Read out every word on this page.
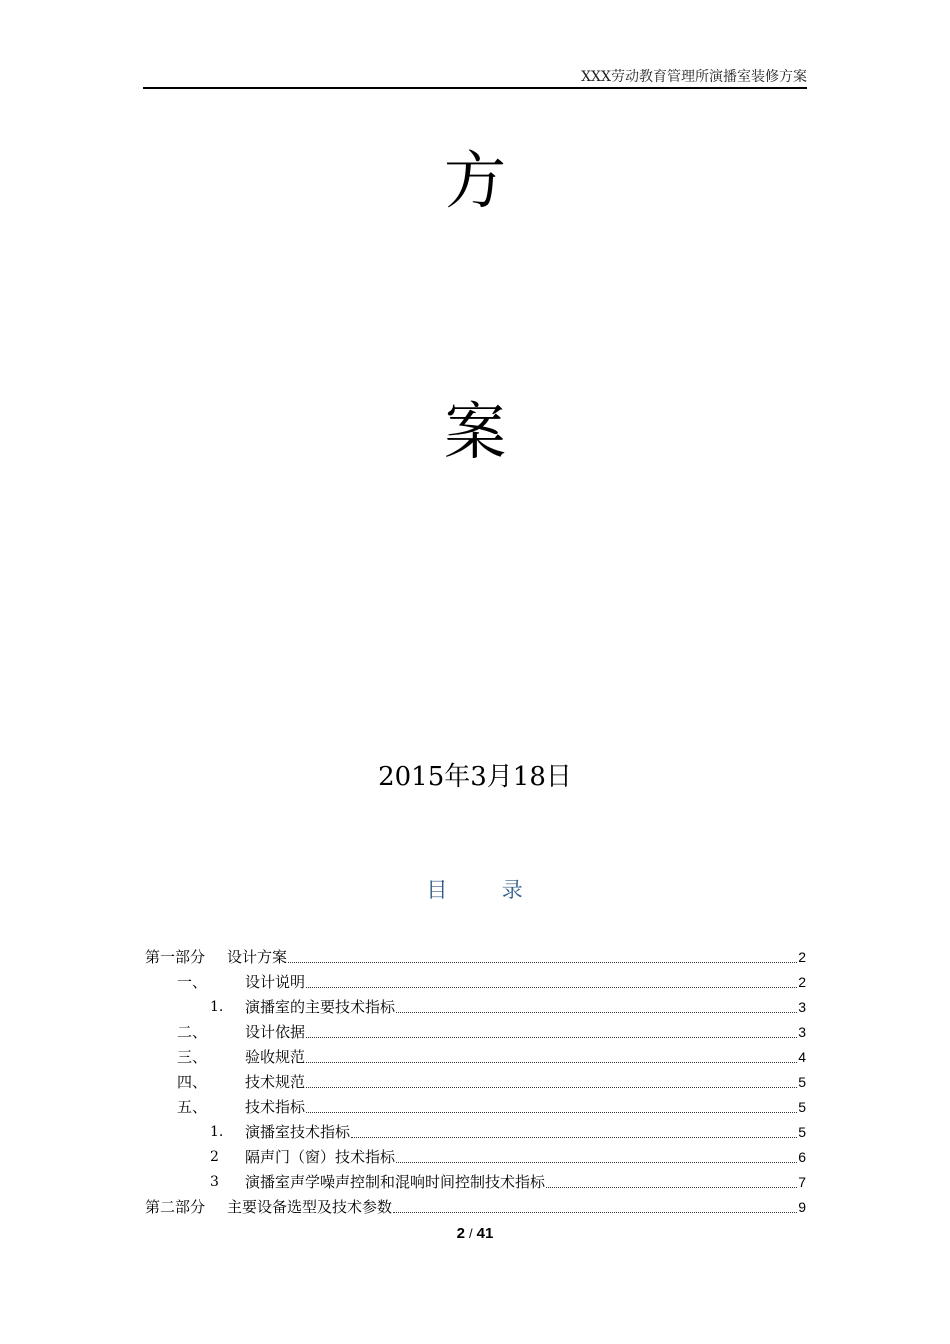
XXX劳动教育管理所演播室装修方案
方
案
2015年3月18日
目	录
第一部分	设计方案	2
一、	设计说明	2
1.	演播室的主要技术指标	3
二、	设计依据	3
三、	验收规范	4
四、	技术规范	5
五、	技术指标	5
1.	演播室技术指标	5
2	隔声门（窗）技术指标	6
3	演播室声学噪声控制和混响时间控制技术指标	7
第二部分	主要设备选型及技术参数	9
2 / 41
